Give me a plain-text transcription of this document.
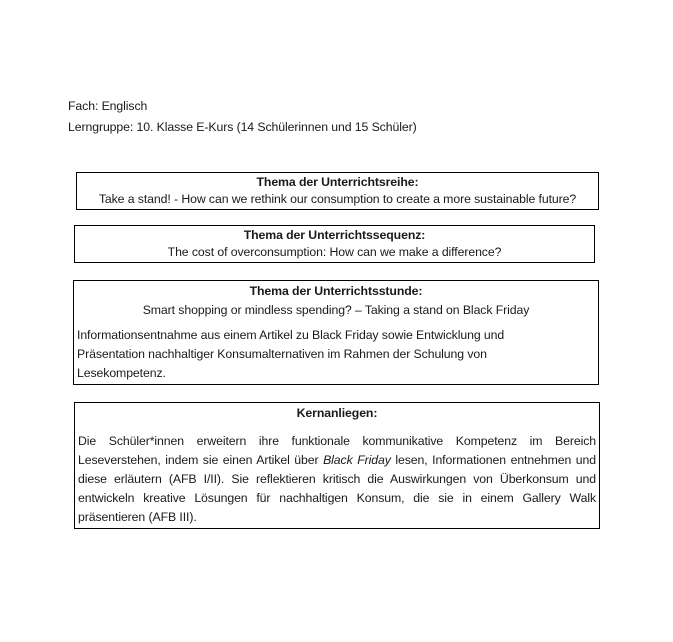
Fach: Englisch
Lerngruppe: 10. Klasse E-Kurs (14 Schülerinnen und 15 Schüler)
Thema der Unterrichtsreihe:
Take a stand! - How can we rethink our consumption to create a more sustainable future?
Thema der Unterrichtssequenz:
The cost of overconsumption: How can we make a difference?
Thema der Unterrichtsstunde:
Smart shopping or mindless spending? – Taking a stand on Black Friday
Informationsentnahme aus einem Artikel zu Black Friday sowie Entwicklung und Präsentation nachhaltiger Konsumalternativen im Rahmen der Schulung von Lesekompetenz.
Kernanliegen:
Die Schüler*innen erweitern ihre funktionale kommunikative Kompetenz im Bereich Leseverstehen, indem sie einen Artikel über Black Friday lesen, Informationen entnehmen und diese erläutern (AFB I/II). Sie reflektieren kritisch die Auswirkungen von Überkonsum und entwickeln kreative Lösungen für nachhaltigen Konsum, die sie in einem Gallery Walk präsentieren (AFB III).
